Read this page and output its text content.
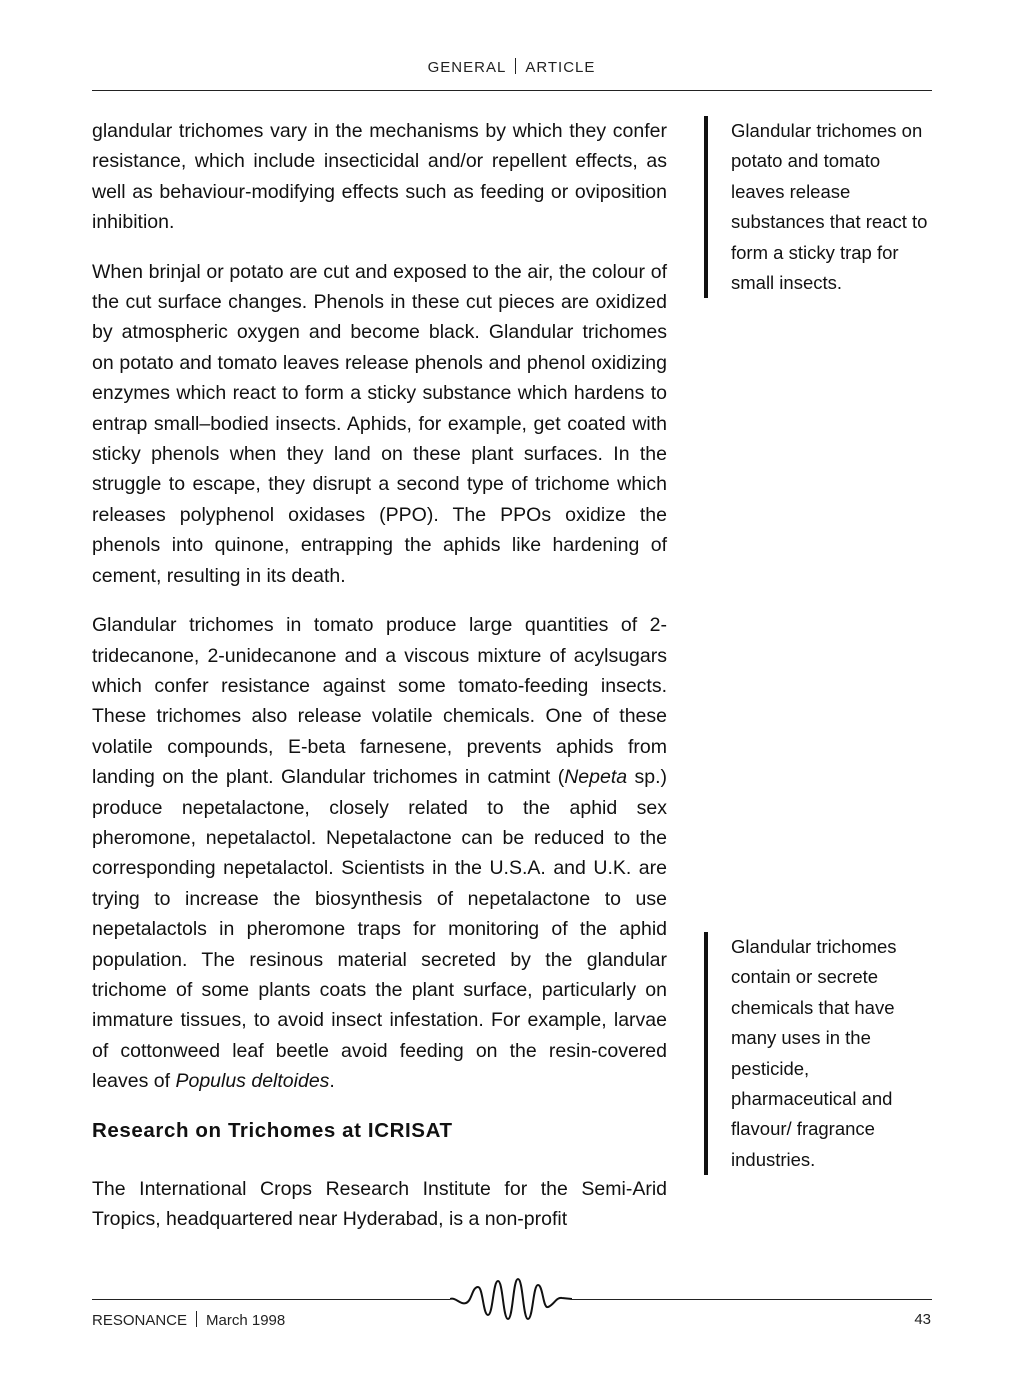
GENERAL ARTICLE

glandular trichomes vary in the mechanisms by which they confer resistance, which include insecticidal and/or repellent effects, as well as behaviour-modifying effects such as feeding or oviposition inhibition.

When brinjal or potato are cut and exposed to the air, the colour of the cut surface changes. Phenols in these cut pieces are oxidized by atmospheric oxygen and become black. Glandular trichomes on potato and tomato leaves release phenols and phenol oxidizing enzymes which react to form a sticky substance which hardens to entrap small–bodied insects. Aphids, for example, get coated with sticky phenols when they land on these plant surfaces. In the struggle to escape, they disrupt a second type of trichome which releases polyphenol oxidases (PPO). The PPOs oxidize the phenols into quinone, entrapping the aphids like hardening of cement, resulting in its death.

Glandular trichomes in tomato produce large quantities of 2-tridecanone, 2-unidecanone and a viscous mixture of acylsugars which confer resistance against some tomato-feeding insects. These trichomes also release volatile chemicals. One of these volatile compounds, E-beta farnesene, prevents aphids from landing on the plant. Glandular trichomes in catmint (Nepeta sp.) produce nepetalactone, closely related to the aphid sex pheromone, nepetalactol. Nepetalactone can be reduced to the corresponding nepetalactol. Scientists in the U.S.A. and U.K. are trying to increase the biosynthesis of nepetalactone to use nepetalactols in pheromone traps for monitoring of the aphid population. The resinous material secreted by the glandular trichome of some plants coats the plant surface, particularly on immature tissues, to avoid insect infestation. For example, larvae of cottonweed leaf beetle avoid feeding on the resin-covered leaves of Populus deltoides.

Research on Trichomes at ICRISAT

The International Crops Research Institute for the Semi-Arid Tropics, headquartered near Hyderabad, is a non-profit

Glandular trichomes on potato and tomato leaves release substances that react to form a sticky trap for small insects.
Glandular trichomes contain or secrete chemicals that have many uses in the pesticide, pharmaceutical and flavour/ fragrance industries.
RESONANCE March 1998	43
